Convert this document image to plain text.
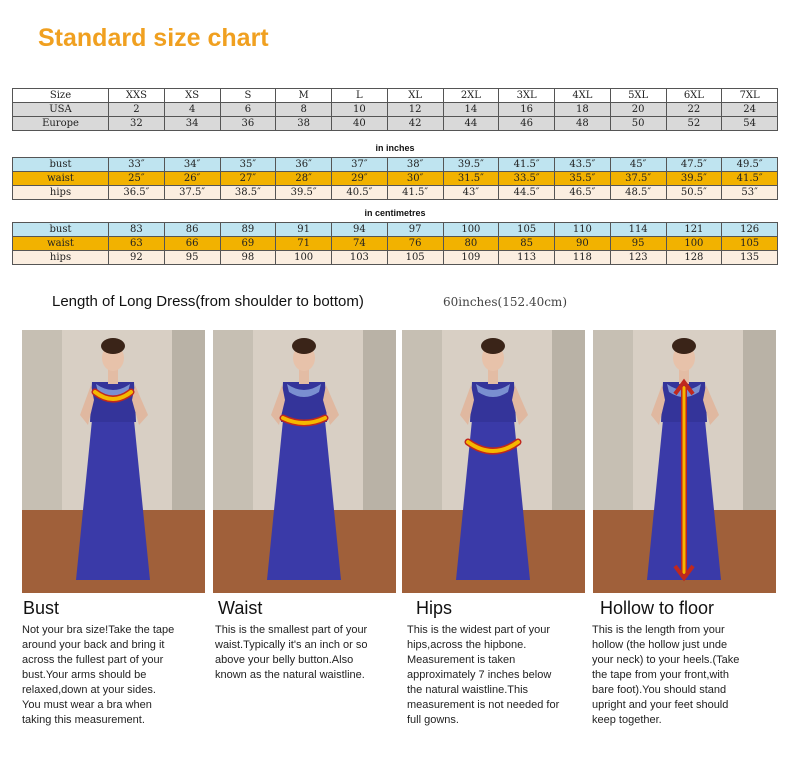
Standard size chart
Size	XXS	XS	S	M	L	XL	2XL	3XL	4XL	5XL	6XL	7XL
USA	2	4	6	8	10	12	14	16	18	20	22	24
Europe	32	34	36	38	40	42	44	46	48	50	52	54
in inches
bust	33″	34″	35″	36″	37″	38″	39.5″	41.5″	43.5″	45″	47.5″	49.5″
waist	25″	26″	27″	28″	29″	30″	31.5″	33.5″	35.5″	37.5″	39.5″	41.5″
hips	36.5″	37.5″	38.5″	39.5″	40.5″	41.5″	43″	44.5″	46.5″	48.5″	50.5″	53″
in centimetres
bust	83	86	89	91	94	97	100	105	110	114	121	126
waist	63	66	69	71	74	76	80	85	90	95	100	105
hips	92	95	98	100	103	105	109	113	118	123	128	135
Length of Long Dress(from shoulder to bottom)	60inches(152.40cm)
Bust	Waist	Hips	Hollow to floor
Not your bra size!Take the tape
around your back and bring it
across the fullest part of your
bust.Your arms should be
relaxed,down at your sides.
You must wear a bra when
taking this measurement.
This is the smallest part of your
waist.Typically it's an inch or so
above your belly button.Also
known as the natural waistline.
This is the widest part of your
hips,across the hipbone.
Measurement is taken
approximately 7 inches below
the natural waistline.This
measurement is not needed for
full gowns.
This is the length from your
hollow (the hollow just unde
your neck) to your heels.(Take
the tape from your front,with
bare foot).You should stand
upright and your feet should
keep together.
